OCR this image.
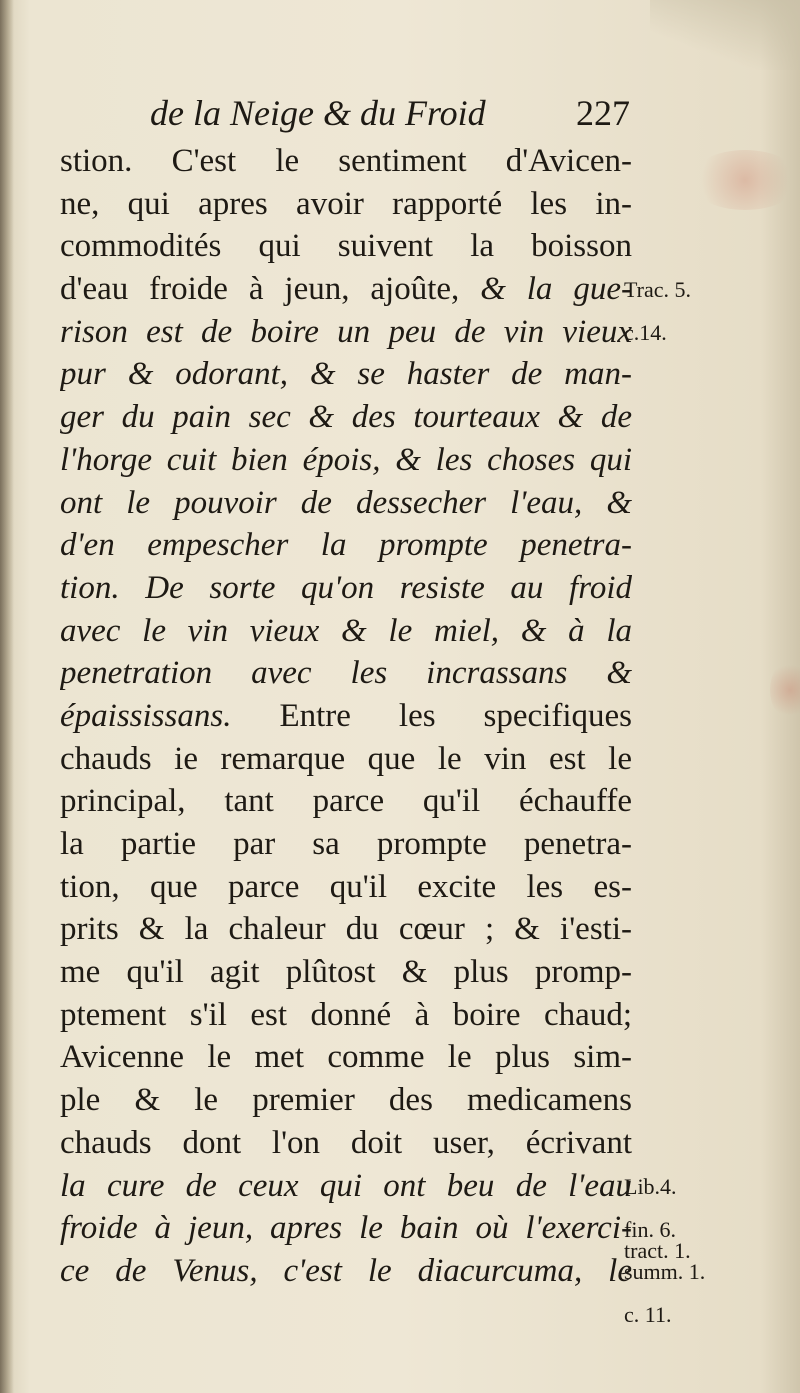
de la Neige & du Froid	227
stion. C'est le sentiment d'Avicen-
ne, qui apres avoir rapporté les in-
commodités qui suivent la boisson
d'eau froide à jeun, ajoûte, & la gue-
rison est de boire un peu de vin vieux
pur & odorant, & se haster de man-
ger du pain sec & des tourteaux & de
l'horge cuit bien épois, & les choses qui
ont le pouvoir de dessecher l'eau, &
d'en empescher la prompte penetra-
tion. De sorte qu'on resiste au froid
avec le vin vieux & le miel, & à la
penetration avec les incrassans &
épaississans. Entre les specifiques
chauds ie remarque que le vin est le
principal, tant parce qu'il échauffe
la partie par sa prompte penetra-
tion, que parce qu'il excite les es-
prits & la chaleur du cœur ; & i'esti-
me qu'il agit plûtost & plus promp-
ptement s'il est donné à boire chaud;
Avicenne le met comme le plus sim-
ple & le premier des medicamens
chauds dont l'on doit user, écrivant
la cure de ceux qui ont beu de l'eau
froide à jeun, apres le bain où l'exerci-
ce de Venus, c'est le diacurcuma, le
Trac. 5.
c.14.
Lib.4.
fin. 6.
tract. 1.
summ. 1.
c. 11.
